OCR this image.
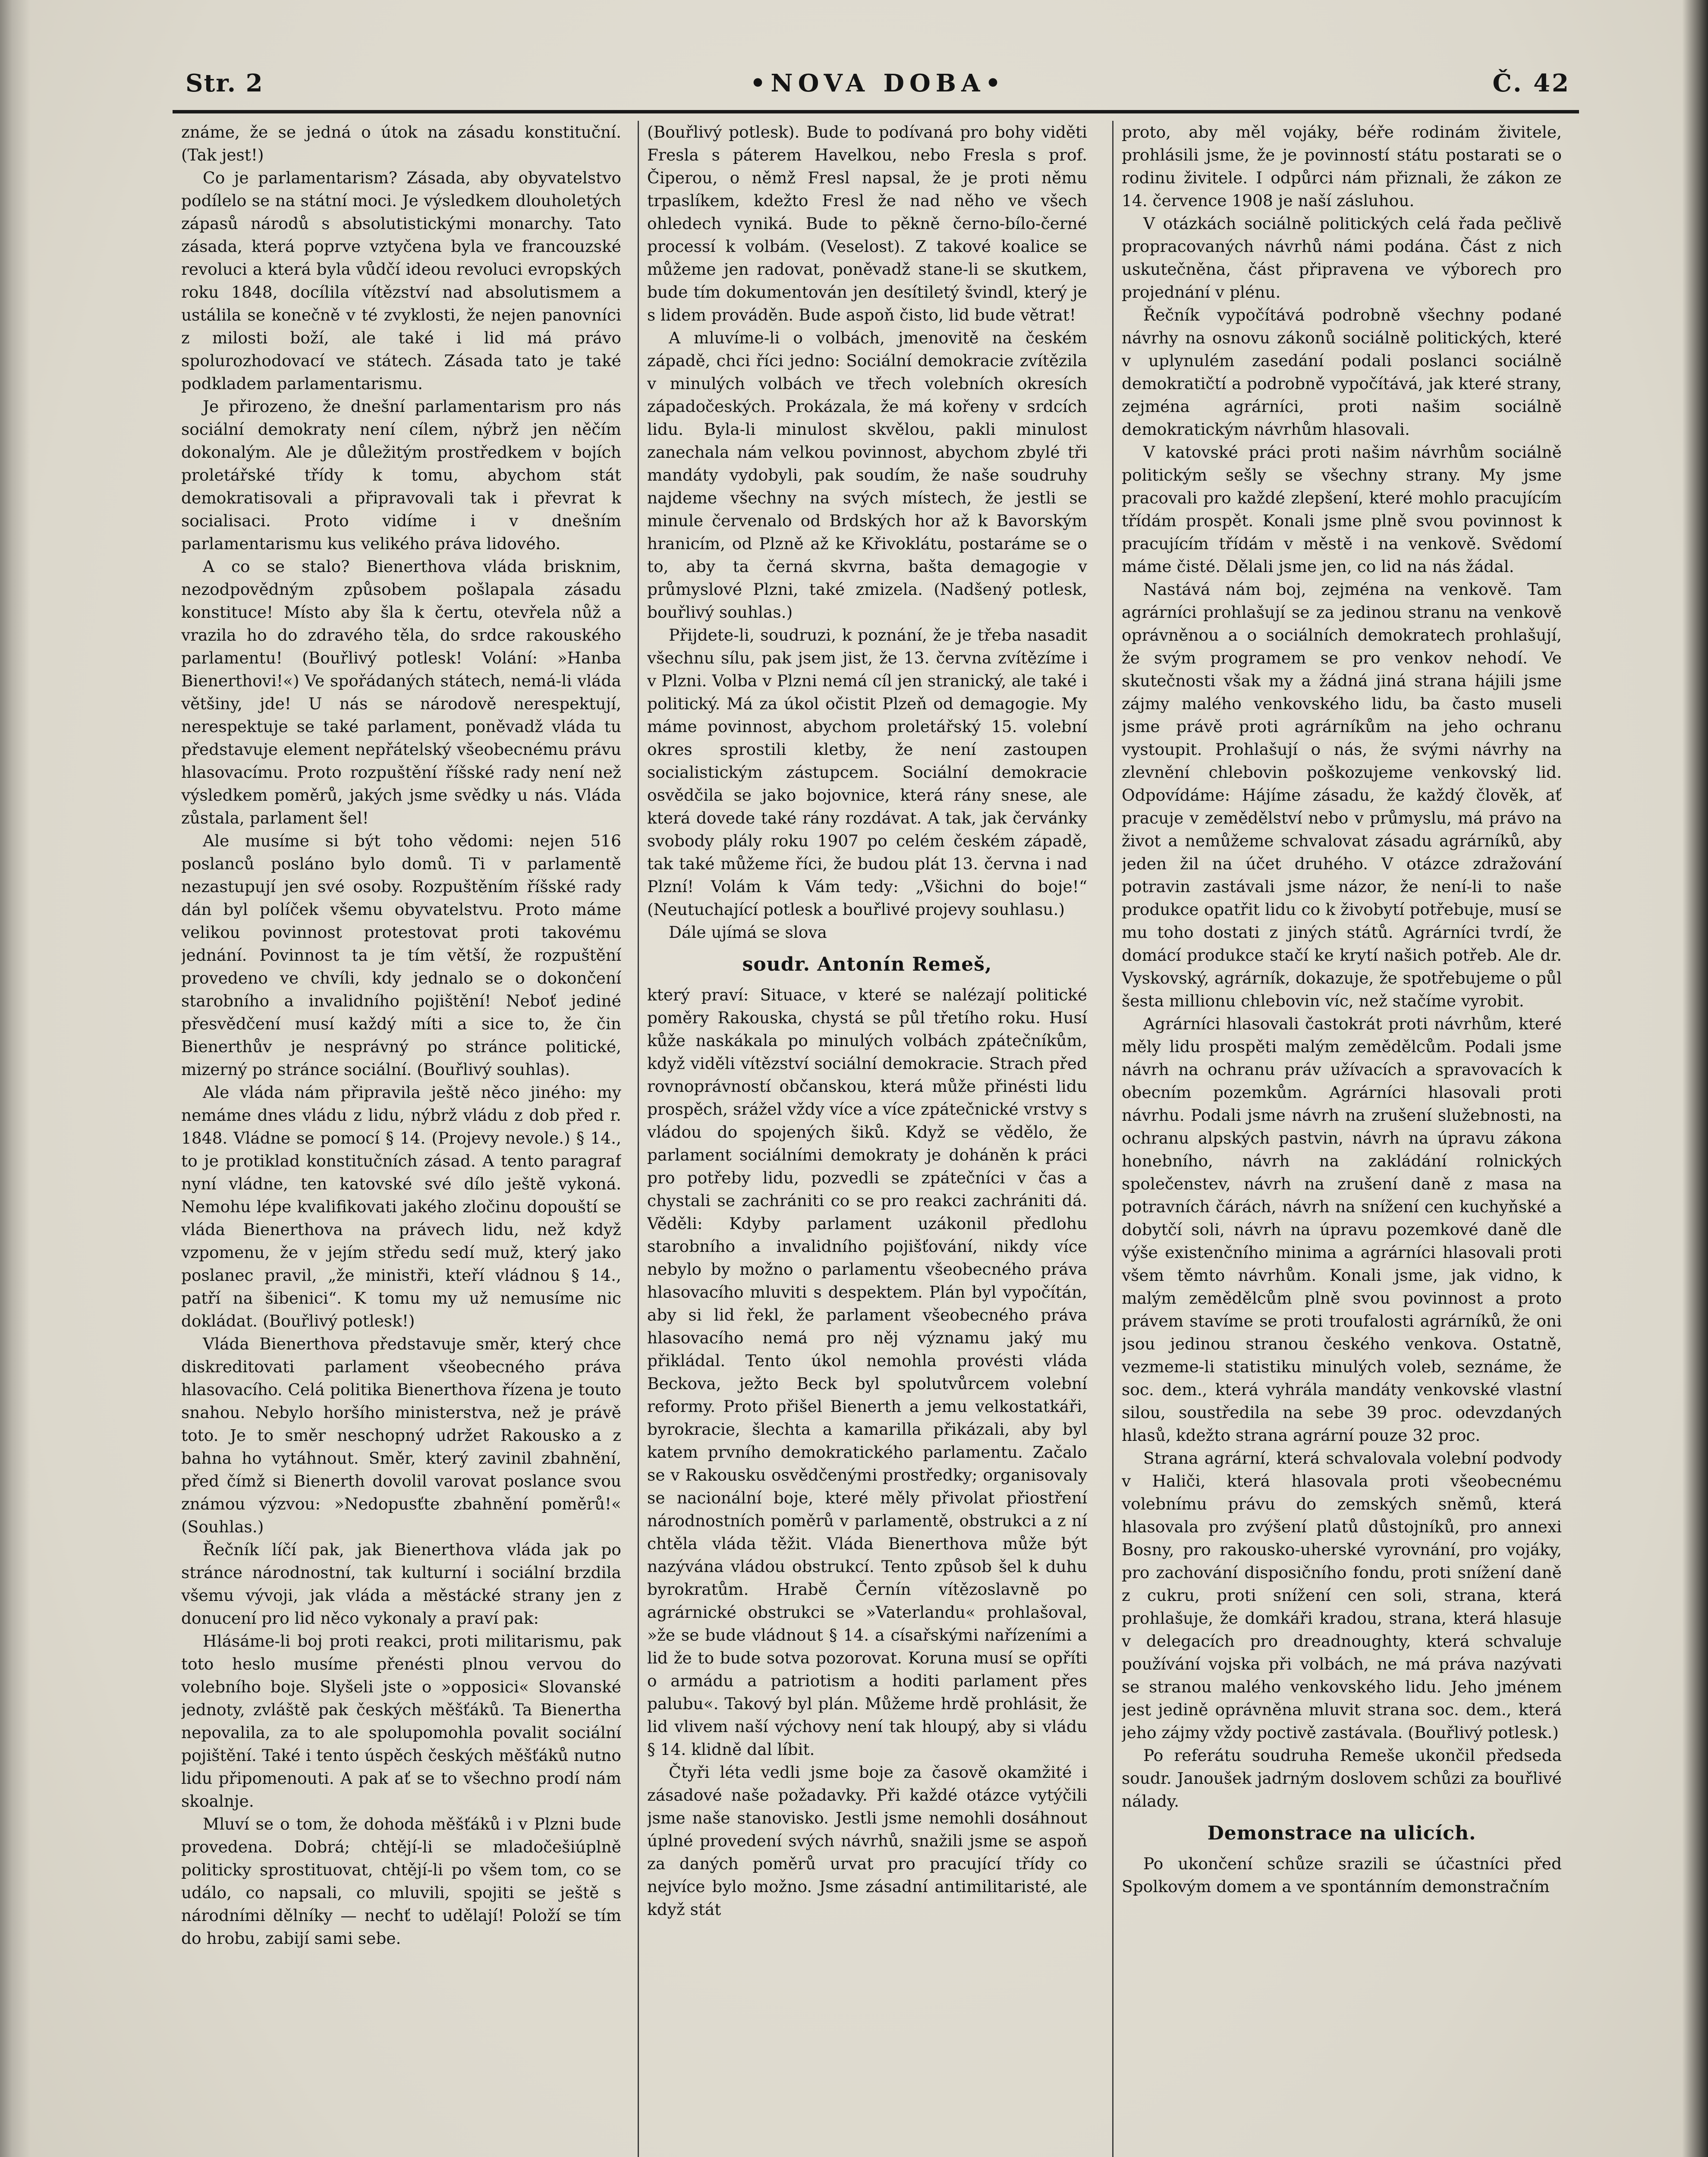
Str. 2	•NOVA DOBA•	Č. 42

známe, že se jedná o útok na zásadu konstituční. (Tak jest!)

Co je parlamentarism? Zásada, aby obyvatelstvo podílelo se na státní moci. Je výsledkem dlouholetých zápasů národů s absolutistickými monarchy. Tato zásada, která poprve vztyčena byla ve francouzské revoluci a která byla vůdčí ideou revoluci evropských roku 1848, docílila vítězství nad absolutismem a ustálila se konečně v té zvyklosti, že nejen panovníci z milosti boží, ale také i lid má právo spolurozhodovací ve státech. Zásada tato je také podkladem parlamentarismu.

Je přirozeno, že dnešní parlamentarism pro nás sociální demokraty není cílem, nýbrž jen něčím dokonalým. Ale je důležitým prostředkem v bojích proletářské třídy k tomu, abychom stát demokratisovali a připravovali tak i převrat k socialisaci. Proto vidíme i v dnešním parlamentarismu kus velikého práva lidového.

A co se stalo? Bienerthova vláda brisknim, nezodpovědným způsobem pošlapala zásadu konstituce! Místo aby šla k čertu, otevřela nůž a vrazila ho do zdravého těla, do srdce rakouského parlamentu! (Bouřlivý potlesk! Volání: »Hanba Bienerthovi!«) Ve spořádaných státech, nemá-li vláda většiny, jde! U nás se národově nerespektují, nerespektuje se také parlament, poněvadž vláda tu představuje element nepřátelský všeobecnému právu hlasovacímu. Proto rozpuštění říšské rady není než výsledkem poměrů, jakých jsme svědky u nás. Vláda zůstala, parlament šel!

Ale musíme si být toho vědomi: nejen 516 poslanců posláno bylo domů. Ti v parlamentě nezastupují jen své osoby. Rozpuštěním říšské rady dán byl políček všemu obyvatelstvu. Proto máme velikou povinnost protestovat proti takovému jednání. Povinnost ta je tím větší, že rozpuštění provedeno ve chvíli, kdy jednalo se o dokončení starobního a invalidního pojištění! Neboť jediné přesvědčení musí každý míti a sice to, že čin Bienerthův je nesprávný po stránce politické, mizerný po stránce sociální. (Bouřlivý souhlas).

Ale vláda nám připravila ještě něco jiného: my nemáme dnes vládu z lidu, nýbrž vládu z dob před r. 1848. Vládne se pomocí § 14. (Projevy nevole.) § 14., to je protiklad konstitučních zásad. A tento paragraf nyní vládne, ten katovské své dílo ještě vykoná. Nemohu lépe kvalifikovati jakého zločinu dopouští se vláda Bienerthova na právech lidu, než když vzpomenu, že v jejím středu sedí muž, který jako poslanec pravil, „že ministři, kteří vládnou § 14., patří na šibenici“. K tomu my už nemusíme nic dokládat. (Bouřlivý potlesk!)

Vláda Bienerthova představuje směr, který chce diskreditovati parlament všeobecného práva hlasovacího. Celá politika Bienerthova řízena je touto snahou. Nebylo horšího ministerstva, než je právě toto. Je to směr neschopný udržet Rakousko a z bahna ho vytáhnout. Směr, který zavinil zbahnění, před čímž si Bienerth dovolil varovat poslance svou známou výzvou: »Nedopusťte zbahnění poměrů!« (Souhlas.)

Řečník líčí pak, jak Bienerthova vláda jak po stránce národnostní, tak kulturní i sociální brzdila všemu vývoji, jak vláda a městácké strany jen z donucení pro lid něco vykonaly a praví pak:

Hlásáme-li boj proti reakci, proti militarismu, pak toto heslo musíme přenésti plnou vervou do volebního boje. Slyšeli jste o »opposici« Slovanské jednoty, zvláště pak českých měšťáků. Ta Bienertha nepovalila, za to ale spolupomohla povalit sociální pojištění. Také i tento úspěch českých měšťáků nutno lidu připomenouti. A pak ať se to všechno prodí nám skoalnje.

Mluví se o tom, že dohoda měšťáků i v Plzni bude provedena. Dobrá; chtějí-li se mladočešiúplně politicky sprostituovat, chtějí-li po všem tom, co se událo, co napsali, co mluvili, spojiti se ještě s národními dělníky — nechť to udělají! Položí se tím do hrobu, zabijí sami sebe.

(Bouřlivý potlesk). Bude to podívaná pro bohy viděti Fresla s páterem Havelkou, nebo Fresla s prof. Čiperou, o němž Fresl napsal, že je proti němu trpaslíkem, kdežto Fresl že nad něho ve všech ohledech vyniká. Bude to pěkně černo-bílo-černé processí k volbám. (Veselost). Z takové koalice se můžeme jen radovat, poněvadž stane-li se skutkem, bude tím dokumentován jen desítiletý švindl, který je s lidem prováděn. Bude aspoň čisto, lid bude větrat!

A mluvíme-li o volbách, jmenovitě na českém západě, chci říci jedno: Sociální demokracie zvítězila v minulých volbách ve třech volebních okresích západočeských. Prokázala, že má kořeny v srdcích lidu. Byla-li minulost skvělou, pakli minulost zanechala nám velkou povinnost, abychom zbylé tři mandáty vydobyli, pak soudím, že naše soudruhy najdeme všechny na svých místech, že jestli se minule červenalo od Brdských hor až k Bavorským hranicím, od Plzně až ke Křivoklátu, postaráme se o to, aby ta černá skvrna, bašta demagogie v průmyslové Plzni, také zmizela. (Nadšený potlesk, bouřlivý souhlas.)

Přijdete-li, soudruzi, k poznání, že je třeba nasadit všechnu sílu, pak jsem jist, že 13. června zvítězíme i v Plzni. Volba v Plzni nemá cíl jen stranický, ale také i politický. Má za úkol očistit Plzeň od demagogie. My máme povinnost, abychom proletářský 15. volební okres sprostili kletby, že není zastoupen socialistickým zástupcem. Sociální demokracie osvědčila se jako bojovnice, která rány snese, ale která dovede také rány rozdávat. A tak, jak červánky svobody plály roku 1907 po celém českém západě, tak také můžeme říci, že budou plát 13. června i nad Plzní! Volám k Vám tedy: „Všichni do boje!“ (Neutuchající potlesk a bouřlivé projevy souhlasu.)

Dále ujímá se slova

soudr. Antonín Remeš,

který praví: Situace, v které se nalézají politické poměry Rakouska, chystá se půl třetího roku. Husí kůže naskákala po minulých volbách zpátečníkům, když viděli vítězství sociální demokracie. Strach před rovnoprávností občanskou, která může přinésti lidu prospěch, srážel vždy více a více zpátečnické vrstvy s vládou do spojených šiků. Když se vědělo, že parlament sociálními demokraty je doháněn k práci pro potřeby lidu, pozvedli se zpátečníci v čas a chystali se zachrániti co se pro reakci zachrániti dá. Věděli: Kdyby parlament uzákonil předlohu starobního a invalidního pojišťování, nikdy více nebylo by možno o parlamentu všeobecného práva hlasovacího mluviti s despektem. Plán byl vypočítán, aby si lid řekl, že parlament všeobecného práva hlasovacího nemá pro něj významu jaký mu přikládal. Tento úkol nemohla provésti vláda Beckova, ježto Beck byl spolutvůrcem volební reformy. Proto přišel Bienerth a jemu velkostatkáři, byrokracie, šlechta a kamarilla přikázali, aby byl katem prvního demokratického parlamentu. Začalo se v Rakousku osvědčenými prostředky; organisovaly se nacionální boje, které měly přivolat přiostření národnostních poměrů v parlamentě, obstrukci a z ní chtěla vláda těžit. Vláda Bienerthova může být nazývána vládou obstrukcí. Tento způsob šel k duhu byrokratům. Hrabě Černín vítězoslavně po agrárnické obstrukci se »Vaterlandu« prohlašoval, »že se bude vládnout § 14. a císařskými nařízeními a lid že to bude sotva pozorovat. Koruna musí se opříti o armádu a patriotism a hoditi parlament přes palubu«. Takový byl plán. Můžeme hrdě prohlásit, že lid vlivem naší výchovy není tak hloupý, aby si vládu § 14. klidně dal líbit.

Čtyři léta vedli jsme boje za časově okamžité i zásadové naše požadavky. Při každé otázce vytýčili jsme naše stanovisko. Jestli jsme nemohli dosáhnout úplné provedení svých návrhů, snažili jsme se aspoň za daných poměrů urvat pro pracující třídy co nejvíce bylo možno. Jsme zásadní antimilitaristé, ale když stát

proto, aby měl vojáky, béře rodinám živitele, prohlásili jsme, že je povinností státu postarati se o rodinu živitele. I odpůrci nám přiznali, že zákon ze 14. července 1908 je naší zásluhou.

V otázkách sociálně politických celá řada pečlivě propracovaných návrhů námi podána. Část z nich uskutečněna, část připravena ve výborech pro projednání v plénu.

Řečník vypočítává podrobně všechny podané návrhy na osnovu zákonů sociálně politických, které v uplynulém zasedání podali poslanci sociálně demokratičtí a podrobně vypočítává, jak které strany, zejména agrárníci, proti našim sociálně demokratickým návrhům hlasovali.

V katovské práci proti našim návrhům sociálně politickým sešly se všechny strany. My jsme pracovali pro každé zlepšení, které mohlo pracujícím třídám prospět. Konali jsme plně svou povinnost k pracujícím třídám v městě i na venkově. Svědomí máme čisté. Dělali jsme jen, co lid na nás žádal.

Nastává nám boj, zejména na venkově. Tam agrárníci prohlašují se za jedinou stranu na venkově oprávněnou a o sociálních demokratech prohlašují, že svým programem se pro venkov nehodí. Ve skutečnosti však my a žádná jiná strana hájili jsme zájmy malého venkovského lidu, ba často museli jsme právě proti agrárníkům na jeho ochranu vystoupit. Prohlašují o nás, že svými návrhy na zlevnění chlebovin poškozujeme venkovský lid. Odpovídáme: Hájíme zásadu, že každý člověk, ať pracuje v zemědělství nebo v průmyslu, má právo na život a nemůžeme schvalovat zásadu agrárníků, aby jeden žil na účet druhého. V otázce zdražování potravin zastávali jsme názor, že není-li to naše produkce opatřit lidu co k živobytí potřebuje, musí se mu toho dostati z jiných států. Agrárníci tvrdí, že domácí produkce stačí ke krytí našich potřeb. Ale dr. Vyskovský, agrárník, dokazuje, že spotřebujeme o půl šesta millionu chlebovin víc, než stačíme vyrobit.

Agrárníci hlasovali častokrát proti návrhům, které měly lidu prospěti malým zemědělcům. Podali jsme návrh na ochranu práv užívacích a spravovacích k obecním pozemkům. Agrárníci hlasovali proti návrhu. Podali jsme návrh na zrušení služebnosti, na ochranu alpských pastvin, návrh na úpravu zákona honebního, návrh na zakládání rolnických společenstev, návrh na zrušení daně z masa na potravních čárách, návrh na snížení cen kuchyňské a dobytčí soli, návrh na úpravu pozemkové daně dle výše existenčního minima a agrárníci hlasovali proti všem těmto návrhům. Konali jsme, jak vidno, k malým zemědělcům plně svou povinnost a proto právem stavíme se proti troufalosti agrárníků, že oni jsou jedinou stranou českého venkova. Ostatně, vezmeme-li statistiku minulých voleb, seznáme, že soc. dem., která vyhrála mandáty venkovské vlastní silou, soustředila na sebe 39 proc. odevzdaných hlasů, kdežto strana agrární pouze 32 proc.

Strana agrární, která schvalovala volební podvody v Haliči, která hlasovala proti všeobecnému volebnímu právu do zemských sněmů, která hlasovala pro zvýšení platů důstojníků, pro annexi Bosny, pro rakousko-uherské vyrovnání, pro vojáky, pro zachování disposičního fondu, proti snížení daně z cukru, proti snížení cen soli, strana, která prohlašuje, že domkáři kradou, strana, která hlasuje v delegacích pro dreadnoughty, která schvaluje používání vojska při volbách, ne má práva nazývati se stranou malého venkovského lidu. Jeho jménem jest jedině oprávněna mluvit strana soc. dem., která jeho zájmy vždy poctivě zastávala. (Bouřlivý potlesk.)

Po referátu soudruha Remeše ukončil předsedа soudr. Janoušek jadrným doslovem schůzi za bouřlivé nálady.

Demonstrace na ulicích.

Po ukončení schůze srazili se účastníci před Spolkovým domem a ve spontánním demonstračním
